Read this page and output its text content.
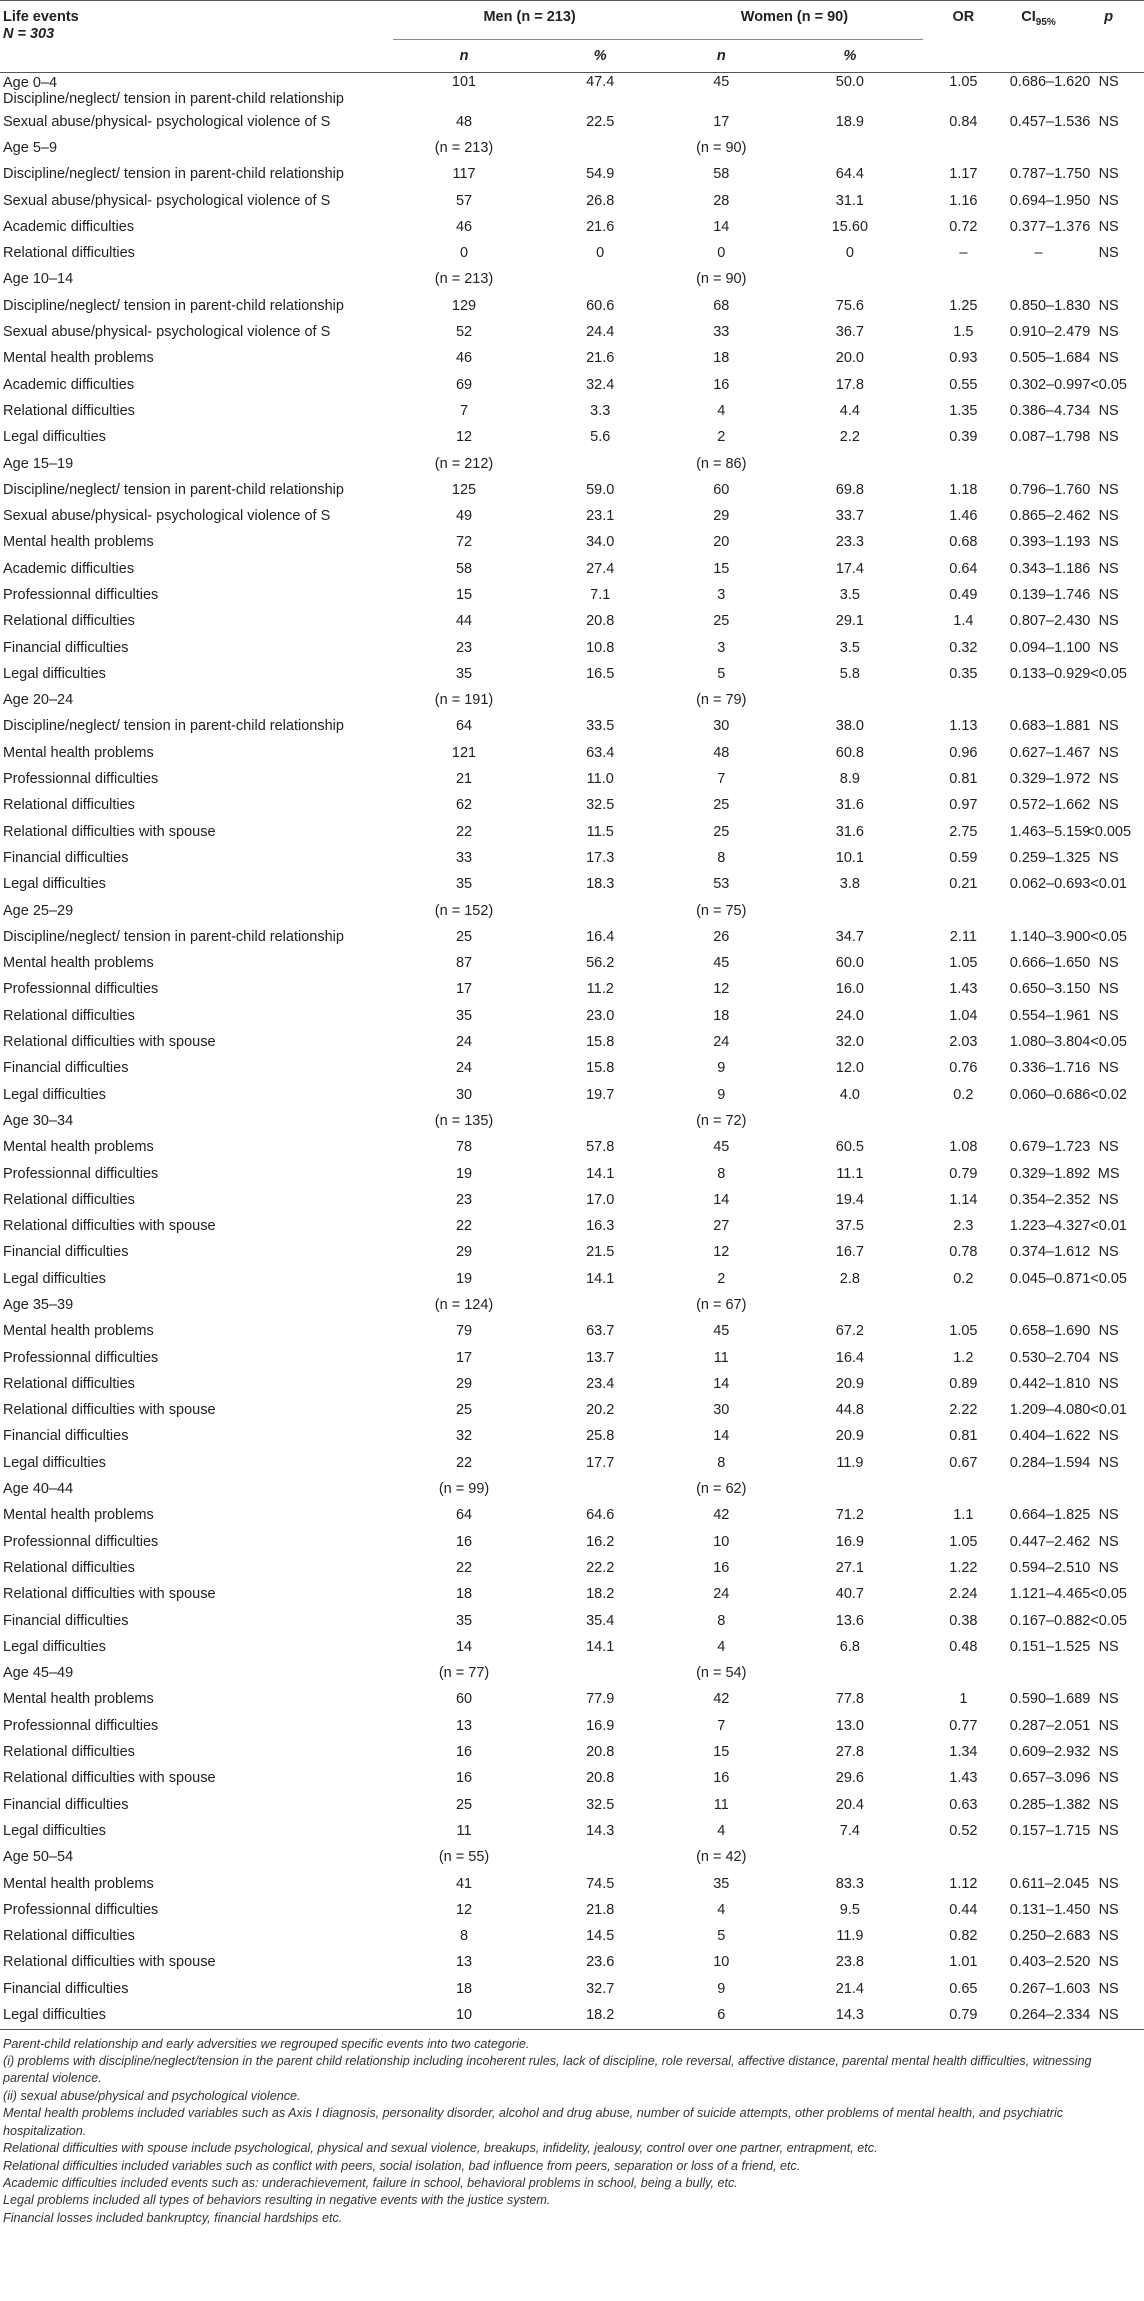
Life events
N = 303	Men (n = 213)		Women (n = 90)		OR	$CI_{95\%}$	p
	n	%	n	%			
Age 0–4
Discipline/neglect/ tension in parent-child relationship	101	47.4	45	50.0	1.05	0.686–1.620	NS
Sexual abuse/physical- psychological violence of S	48	22.5	17	18.9	0.84	0.457–1.536	NS
Age 5–9	(n = 213)		(n = 90)				
Discipline/neglect/ tension in parent-child relationship	117	54.9	58	64.4	1.17	0.787–1.750	NS
Sexual abuse/physical- psychological violence of S	57	26.8	28	31.1	1.16	0.694–1.950	NS
Academic difficulties	46	21.6	14	15.60	0.72	0.377–1.376	NS
Relational difficulties	0	0	0	0	–	–	NS
Age 10–14	(n = 213)		(n = 90)				
Discipline/neglect/ tension in parent-child relationship	129	60.6	68	75.6	1.25	0.850–1.830	NS
Sexual abuse/physical- psychological violence of S	52	24.4	33	36.7	1.5	0.910–2.479	NS
Mental health problems	46	21.6	18	20.0	0.93	0.505–1.684	NS
Academic difficulties	69	32.4	16	17.8	0.55	0.302–0.997	<0.05
Relational difficulties	7	3.3	4	4.4	1.35	0.386–4.734	NS
Legal difficulties	12	5.6	2	2.2	0.39	0.087–1.798	NS
Age 15–19	(n = 212)		(n = 86)				
Discipline/neglect/ tension in parent-child relationship	125	59.0	60	69.8	1.18	0.796–1.760	NS
Sexual abuse/physical- psychological violence of S	49	23.1	29	33.7	1.46	0.865–2.462	NS
Mental health problems	72	34.0	20	23.3	0.68	0.393–1.193	NS
Academic difficulties	58	27.4	15	17.4	0.64	0.343–1.186	NS
Professionnal difficulties	15	7.1	3	3.5	0.49	0.139–1.746	NS
Relational difficulties	44	20.8	25	29.1	1.4	0.807–2.430	NS
Financial difficulties	23	10.8	3	3.5	0.32	0.094–1.100	NS
Legal difficulties	35	16.5	5	5.8	0.35	0.133–0.929	<0.05
Age 20–24	(n = 191)		(n = 79)				
Discipline/neglect/ tension in parent-child relationship	64	33.5	30	38.0	1.13	0.683–1.881	NS
Mental health problems	121	63.4	48	60.8	0.96	0.627–1.467	NS
Professionnal difficulties	21	11.0	7	8.9	0.81	0.329–1.972	NS
Relational difficulties	62	32.5	25	31.6	0.97	0.572–1.662	NS
Relational difficulties with spouse	22	11.5	25	31.6	2.75	1.463–5.159	<0.005
Financial difficulties	33	17.3	8	10.1	0.59	0.259–1.325	NS
Legal difficulties	35	18.3	53	3.8	0.21	0.062–0.693	<0.01
Age 25–29	(n = 152)		(n = 75)				
Discipline/neglect/ tension in parent-child relationship	25	16.4	26	34.7	2.11	1.140–3.900	<0.05
Mental health problems	87	56.2	45	60.0	1.05	0.666–1.650	NS
Professionnal difficulties	17	11.2	12	16.0	1.43	0.650–3.150	NS
Relational difficulties	35	23.0	18	24.0	1.04	0.554–1.961	NS
Relational difficulties with spouse	24	15.8	24	32.0	2.03	1.080–3.804	<0.05
Financial difficulties	24	15.8	9	12.0	0.76	0.336–1.716	NS
Legal difficulties	30	19.7	9	4.0	0.2	0.060–0.686	<0.02
Age 30–34	(n = 135)		(n = 72)				
Mental health problems	78	57.8	45	60.5	1.08	0.679–1.723	NS
Professionnal difficulties	19	14.1	8	11.1	0.79	0.329–1.892	MS
Relational difficulties	23	17.0	14	19.4	1.14	0.354–2.352	NS
Relational difficulties with spouse	22	16.3	27	37.5	2.3	1.223–4.327	<0.01
Financial difficulties	29	21.5	12	16.7	0.78	0.374–1.612	NS
Legal difficulties	19	14.1	2	2.8	0.2	0.045–0.871	<0.05
Age 35–39	(n = 124)		(n = 67)				
Mental health problems	79	63.7	45	67.2	1.05	0.658–1.690	NS
Professionnal difficulties	17	13.7	11	16.4	1.2	0.530–2.704	NS
Relational difficulties	29	23.4	14	20.9	0.89	0.442–1.810	NS
Relational difficulties with spouse	25	20.2	30	44.8	2.22	1.209–4.080	<0.01
Financial difficulties	32	25.8	14	20.9	0.81	0.404–1.622	NS
Legal difficulties	22	17.7	8	11.9	0.67	0.284–1.594	NS
Age 40–44	(n = 99)		(n = 62)				
Mental health problems	64	64.6	42	71.2	1.1	0.664–1.825	NS
Professionnal difficulties	16	16.2	10	16.9	1.05	0.447–2.462	NS
Relational difficulties	22	22.2	16	27.1	1.22	0.594–2.510	NS
Relational difficulties with spouse	18	18.2	24	40.7	2.24	1.121–4.465	<0.05
Financial difficulties	35	35.4	8	13.6	0.38	0.167–0.882	<0.05
Legal difficulties	14	14.1	4	6.8	0.48	0.151–1.525	NS
Age 45–49	(n = 77)		(n = 54)				
Mental health problems	60	77.9	42	77.8	1	0.590–1.689	NS
Professionnal difficulties	13	16.9	7	13.0	0.77	0.287–2.051	NS
Relational difficulties	16	20.8	15	27.8	1.34	0.609–2.932	NS
Relational difficulties with spouse	16	20.8	16	29.6	1.43	0.657–3.096	NS
Financial difficulties	25	32.5	11	20.4	0.63	0.285–1.382	NS
Legal difficulties	11	14.3	4	7.4	0.52	0.157–1.715	NS
Age 50–54	(n = 55)		(n = 42)				
Mental health problems	41	74.5	35	83.3	1.12	0.611–2.045	NS
Professionnal difficulties	12	21.8	4	9.5	0.44	0.131–1.450	NS
Relational difficulties	8	14.5	5	11.9	0.82	0.250–2.683	NS
Relational difficulties with spouse	13	23.6	10	23.8	1.01	0.403–2.520	NS
Financial difficulties	18	32.7	9	21.4	0.65	0.267–1.603	NS
Legal difficulties	10	18.2	6	14.3	0.79	0.264–2.334	NS

Parent-child relationship and early adversities we regrouped specific events into two categorie.

(i) problems with discipline/neglect/tension in the parent child relationship including incoherent rules, lack of discipline, role reversal, affective distance, parental mental health difficulties, witnessing parental violence.

(ii) sexual abuse/physical and psychological violence.

Mental health problems included variables such as Axis I diagnosis, personality disorder, alcohol and drug abuse, number of suicide attempts, other problems of mental health, and psychiatric hospitalization.

Relational difficulties with spouse include psychological, physical and sexual violence, breakups, infidelity, jealousy, control over one partner, entrapment, etc.

Relational difficulties included variables such as conflict with peers, social isolation, bad influence from peers, separation or loss of a friend, etc.

Academic difficulties included events such as: underachievement, failure in school, behavioral problems in school, being a bully, etc.

Legal problems included all types of behaviors resulting in negative events with the justice system.

Financial losses included bankruptcy, financial hardships etc.
